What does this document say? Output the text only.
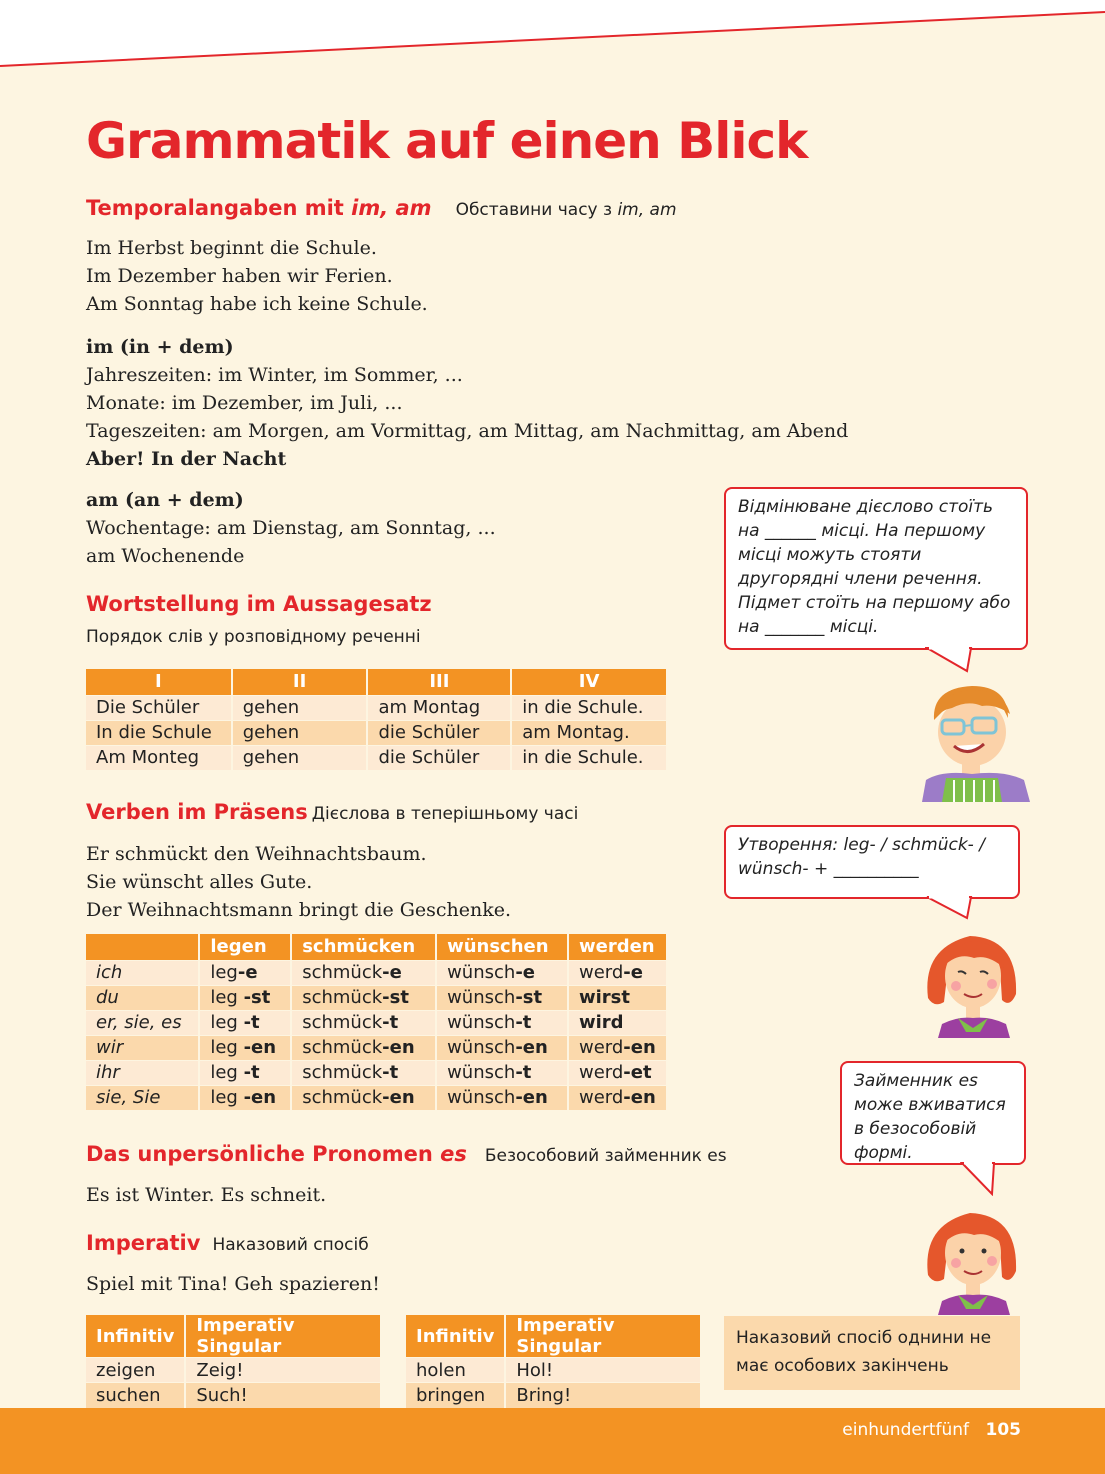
Grammatik auf einen Blick
Temporalangaben mit im, am Обставини часу з im, am
Im Herbst beginnt die Schule.
Im Dezember haben wir Ferien.
Am Sonntag habe ich keine Schule.
im (in + dem)
Jahreszeiten: im Winter, im Sommer, ...
Monate: im Dezember, im Juli, ...
Tageszeiten: am Morgen, am Vormittag, am Mittag, am Nachmittag, am Abend
Aber! In der Nacht
am (an + dem)
Wochentage: am Dienstag, am Sonntag, ...
am Wochenende
Wortstellung im Aussagesatz
Порядок слів у розповідному реченні
I	II	III	IV
Die Schüler	gehen	am Montag	in die Schule.
In die Schule	gehen	die Schüler	am Montag.
Am Monteg	gehen	die Schüler	in die Schule.
Відмінюване дієслово стоїть на ______ місці. На першому місці можуть стояти другорядні члени речення. Підмет стоїть на першому або на _______ місці.
Verben im Präsens Дієслова в теперішньому часі
Er schmückt den Weihnachtsbaum.
Sie wünscht alles Gute.
Der Weihnachtsmann bringt die Geschenke.
	legen	schmücken	wünschen	werden
ich	leg-e	schmück-e	wünsch-e	werd-e
du	leg -st	schmück-st	wünsch-st	wirst
er, sie, es	leg -t	schmück-t	wünsch-t	wird
wir	leg -en	schmück-en	wünsch-en	werd-en
ihr	leg -t	schmück-t	wünsch-t	werd-et
sie, Sie	leg -en	schmück-en	wünsch-en	werd-en
Утворення: leg- / schmück- / wünsch- + __________
Займенник es може вживатися в безособовій формі.
Das unpersönliche Pronomen es Безособовий займенник es
Es ist Winter. Es schneit.
Imperativ Наказовий спосіб
Spiel mit Tina! Geh spazieren!
Infinitiv	Imperativ Singular
zeigen	Zeig!
suchen	Such!
Infinitiv	Imperativ Singular
holen	Hol!
bringen	Bring!
Наказовий спосіб однини не має особових закінчень
einhundertfünf 105
